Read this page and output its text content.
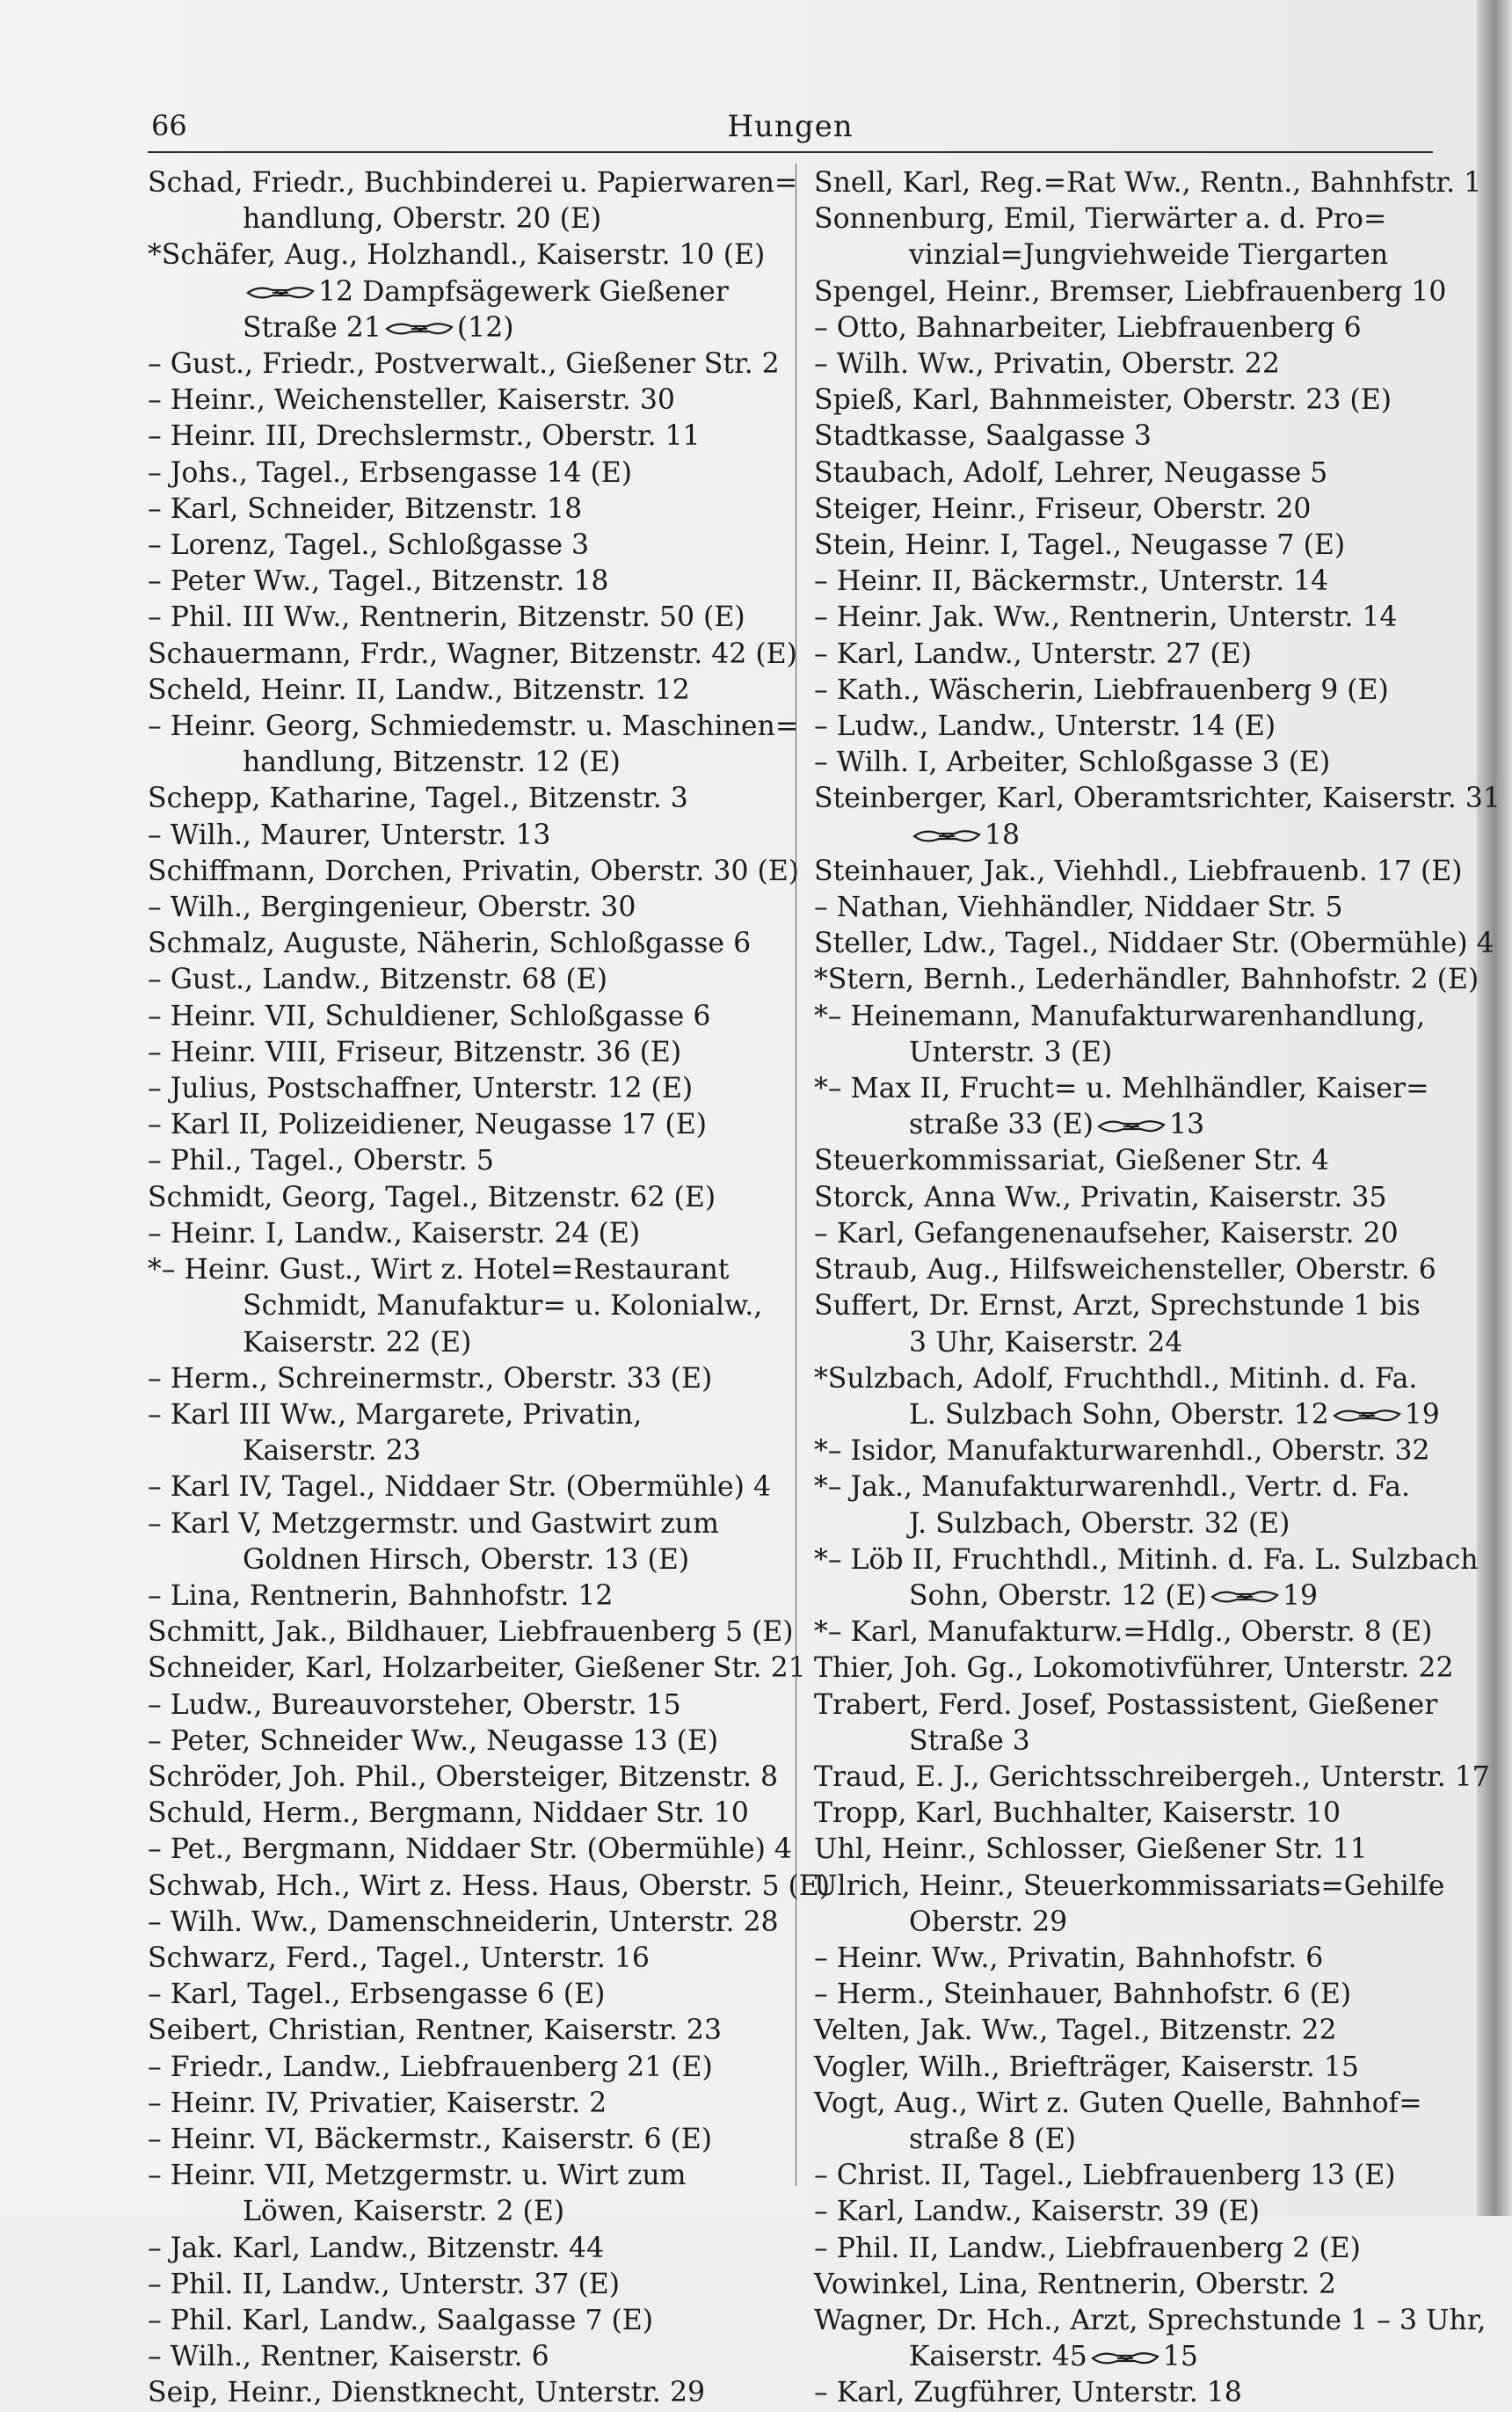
66	Hungen
Schad, Friedr., Buchbinderei u. Papierwaren=
handlung, Oberstr. 20 (E)
*Schäfer, Aug., Holzhandl., Kaiserstr. 10 (E)
12 Dampfsägewerk Gießener
Straße 21	(12)
– Gust., Friedr., Postverwalt., Gießener Str. 2
– Heinr., Weichensteller, Kaiserstr. 30
– Heinr. III, Drechslermstr., Oberstr. 11
– Johs., Tagel., Erbsengasse 14 (E)
– Karl, Schneider, Bitzenstr. 18
– Lorenz, Tagel., Schloßgasse 3
– Peter Ww., Tagel., Bitzenstr. 18
– Phil. III Ww., Rentnerin, Bitzenstr. 50 (E)
Schauermann, Frdr., Wagner, Bitzenstr. 42 (E)
Scheld, Heinr. II, Landw., Bitzenstr. 12
– Heinr. Georg, Schmiedemstr. u. Maschinen=
handlung, Bitzenstr. 12 (E)
Schepp, Katharine, Tagel., Bitzenstr. 3
– Wilh., Maurer, Unterstr. 13
Schiffmann, Dorchen, Privatin, Oberstr. 30 (E)
– Wilh., Bergingenieur, Oberstr. 30
Schmalz, Auguste, Näherin, Schloßgasse 6
– Gust., Landw., Bitzenstr. 68 (E)
– Heinr. VII, Schuldiener, Schloßgasse 6
– Heinr. VIII, Friseur, Bitzenstr. 36 (E)
– Julius, Postschaffner, Unterstr. 12 (E)
– Karl II, Polizeidiener, Neugasse 17 (E)
– Phil., Tagel., Oberstr. 5
Schmidt, Georg, Tagel., Bitzenstr. 62 (E)
– Heinr. I, Landw., Kaiserstr. 24 (E)
*– Heinr. Gust., Wirt z. Hotel=Restaurant
Schmidt, Manufaktur= u. Kolonialw.,
Kaiserstr. 22 (E)
– Herm., Schreinermstr., Oberstr. 33 (E)
– Karl III Ww., Margarete, Privatin,
Kaiserstr. 23
– Karl IV, Tagel., Niddaer Str. (Obermühle) 4
– Karl V, Metzgermstr. und Gastwirt zum
Goldnen Hirsch, Oberstr. 13 (E)
– Lina, Rentnerin, Bahnhofstr. 12
Schmitt, Jak., Bildhauer, Liebfrauenberg 5 (E)
Schneider, Karl, Holzarbeiter, Gießener Str. 21
– Ludw., Bureauvorsteher, Oberstr. 15
– Peter, Schneider Ww., Neugasse 13 (E)
Schröder, Joh. Phil., Obersteiger, Bitzenstr. 8
Schuld, Herm., Bergmann, Niddaer Str. 10
– Pet., Bergmann, Niddaer Str. (Obermühle) 4
Schwab, Hch., Wirt z. Hess. Haus, Oberstr. 5 (E)
– Wilh. Ww., Damenschneiderin, Unterstr. 28
Schwarz, Ferd., Tagel., Unterstr. 16
– Karl, Tagel., Erbsengasse 6 (E)
Seibert, Christian, Rentner, Kaiserstr. 23
– Friedr., Landw., Liebfrauenberg 21 (E)
– Heinr. IV, Privatier, Kaiserstr. 2
– Heinr. VI, Bäckermstr., Kaiserstr. 6 (E)
– Heinr. VII, Metzgermstr. u. Wirt zum
Löwen, Kaiserstr. 2 (E)
– Jak. Karl, Landw., Bitzenstr. 44
– Phil. II, Landw., Unterstr. 37 (E)
– Phil. Karl, Landw., Saalgasse 7 (E)
– Wilh., Rentner, Kaiserstr. 6
Seip, Heinr., Dienstknecht, Unterstr. 29
Snell, Karl, Reg.=Rat Ww., Rentn., Bahnhfstr. 1
Sonnenburg, Emil, Tierwärter a. d. Pro=
vinzial=Jungviehweide Tiergarten
Spengel, Heinr., Bremser, Liebfrauenberg 10
– Otto, Bahnarbeiter, Liebfrauenberg 6
– Wilh. Ww., Privatin, Oberstr. 22
Spieß, Karl, Bahnmeister, Oberstr. 23 (E)
Stadtkasse, Saalgasse 3
Staubach, Adolf, Lehrer, Neugasse 5
Steiger, Heinr., Friseur, Oberstr. 20
Stein, Heinr. I, Tagel., Neugasse 7 (E)
– Heinr. II, Bäckermstr., Unterstr. 14
– Heinr. Jak. Ww., Rentnerin, Unterstr. 14
– Karl, Landw., Unterstr. 27 (E)
– Kath., Wäscherin, Liebfrauenberg 9 (E)
– Ludw., Landw., Unterstr. 14 (E)
– Wilh. I, Arbeiter, Schloßgasse 3 (E)
Steinberger, Karl, Oberamtsrichter, Kaiserstr. 31
18
Steinhauer, Jak., Viehhdl., Liebfrauenb. 17 (E)
– Nathan, Viehhändler, Niddaer Str. 5
Steller, Ldw., Tagel., Niddaer Str. (Obermühle) 4
*Stern, Bernh., Lederhändler, Bahnhofstr. 2 (E)
*– Heinemann, Manufakturwarenhandlung,
Unterstr. 3 (E)
*– Max II, Frucht= u. Mehlhändler, Kaiser=
straße 33 (E)	13
Steuerkommissariat, Gießener Str. 4
Storck, Anna Ww., Privatin, Kaiserstr. 35
– Karl, Gefangenenaufseher, Kaiserstr. 20
Straub, Aug., Hilfsweichensteller, Oberstr. 6
Suffert, Dr. Ernst, Arzt, Sprechstunde 1 bis
3 Uhr, Kaiserstr. 24
*Sulzbach, Adolf, Fruchthdl., Mitinh. d. Fa.
L. Sulzbach Sohn, Oberstr. 12	19
*– Isidor, Manufakturwarenhdl., Oberstr. 32
*– Jak., Manufakturwarenhdl., Vertr. d. Fa.
J. Sulzbach, Oberstr. 32 (E)
*– Löb II, Fruchthdl., Mitinh. d. Fa. L. Sulzbach
Sohn, Oberstr. 12 (E)	19
*– Karl, Manufakturw.=Hdlg., Oberstr. 8 (E)
Thier, Joh. Gg., Lokomotivführer, Unterstr. 22
Trabert, Ferd. Josef, Postassistent, Gießener
Straße 3
Traud, E. J., Gerichtsschreibergeh., Unterstr. 17
Tropp, Karl, Buchhalter, Kaiserstr. 10
Uhl, Heinr., Schlosser, Gießener Str. 11
Ulrich, Heinr., Steuerkommissariats=Gehilfe
Oberstr. 29
– Heinr. Ww., Privatin, Bahnhofstr. 6
– Herm., Steinhauer, Bahnhofstr. 6 (E)
Velten, Jak. Ww., Tagel., Bitzenstr. 22
Vogler, Wilh., Briefträger, Kaiserstr. 15
Vogt, Aug., Wirt z. Guten Quelle, Bahnhof=
straße 8 (E)
– Christ. II, Tagel., Liebfrauenberg 13 (E)
– Karl, Landw., Kaiserstr. 39 (E)
– Phil. II, Landw., Liebfrauenberg 2 (E)
Vowinkel, Lina, Rentnerin, Oberstr. 2
Wagner, Dr. Hch., Arzt, Sprechstunde 1 – 3 Uhr,
Kaiserstr. 45	15
– Karl, Zugführer, Unterstr. 18
